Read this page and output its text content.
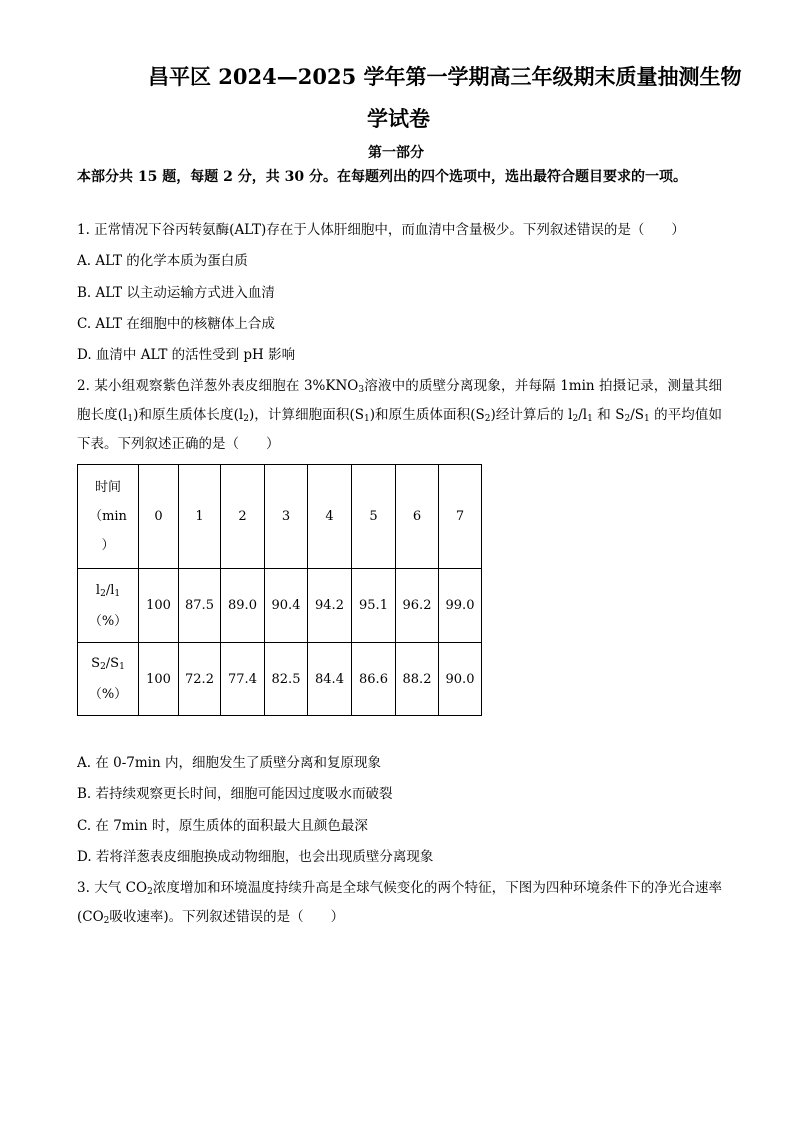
昌平区 2024—2025 学年第一学期高三年级期末质量抽测生物
学试卷
第一部分
本部分共 15 题，每题 2 分，共 30 分。在每题列出的四个选项中，选出最符合题目要求的一项。
1. 正常情况下谷丙转氨酶(ALT)存在于人体肝细胞中，而血清中含量极少。下列叙述错误的是（　　）
A. ALT 的化学本质为蛋白质
B. ALT 以主动运输方式进入血清
C. ALT 在细胞中的核糖体上合成
D. 血清中 ALT 的活性受到 pH 影响
2. 某小组观察紫色洋葱外表皮细胞在 $3\%KNO_3$溶液中的质壁分离现象，并每隔 1min 拍摄记录，测量其细胞长度$(l_1)$和原生质体长度$(l_2)$，计算细胞面积$(S_1)$和原生质体面积$(S_2)$经计算后的 $l_2/l_1$ 和 $S_2/S_1$ 的平均值如下表。下列叙述正确的是（　　）
时间
（min
）	0	1	2	3	4	5	6	7

$l_2/l_1$
（%）	100	87.5	89.0	90.4	94.2	95.1	96.2	99.0

$S_2/S_1$
（%）	100	72.2	77.4	82.5	84.4	86.6	88.2	90.0
A. 在 0-7min 内，细胞发生了质壁分离和复原现象
B. 若持续观察更长时间，细胞可能因过度吸水而破裂
C. 在 7min 时，原生质体的面积最大且颜色最深
D. 若将洋葱表皮细胞换成动物细胞，也会出现质壁分离现象
3. 大气 $CO_2$浓度增加和环境温度持续升高是全球气候变化的两个特征，下图为四种环境条件下的净光合速率($CO_2$吸收速率)。下列叙述错误的是（　　）
